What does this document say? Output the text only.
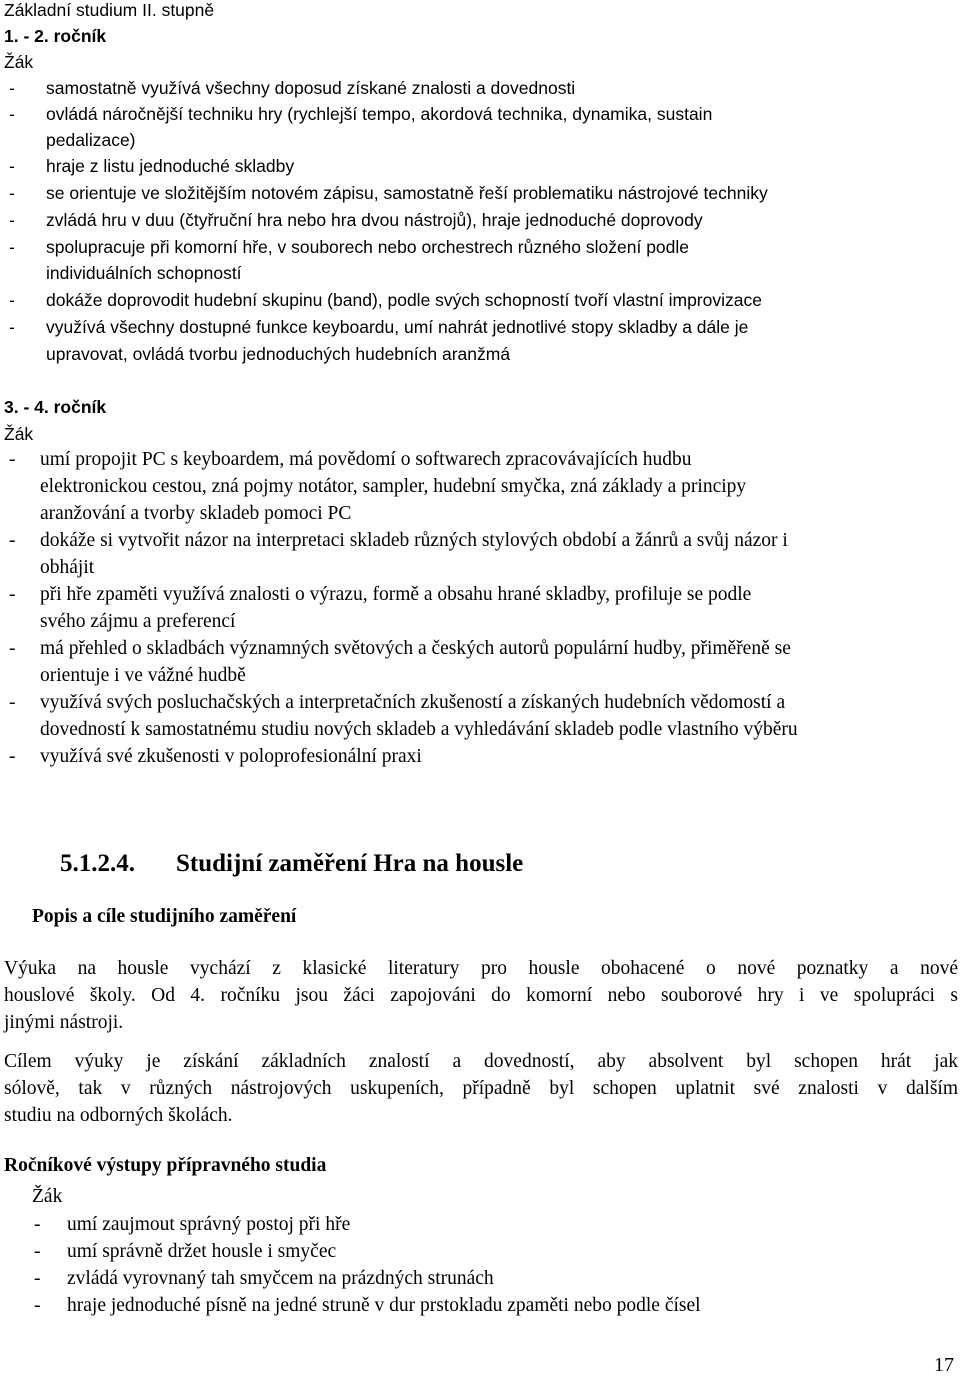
Základní studium II. stupně
1. - 2. ročník
Žák
- samostatně využívá všechny doposud získané znalosti a dovednosti
- ovládá náročnější techniku hry (rychlejší tempo, akordová technika, dynamika, sustain
pedalizace)
- hraje z listu jednoduché skladby
- se orientuje ve složitějším notovém zápisu, samostatně řeší problematiku nástrojové techniky
- zvládá hru v duu (čtyřruční hra nebo hra dvou nástrojů), hraje jednoduché doprovody
- spolupracuje při komorní hře, v souborech nebo orchestrech různého složení podle
individuálních schopností
- dokáže doprovodit hudební skupinu (band), podle svých schopností tvoří vlastní improvizace
- využívá všechny dostupné funkce keyboardu, umí nahrát jednotlivé stopy skladby a dále je
upravovat, ovládá tvorbu jednoduchých hudebních aranžmá
3. - 4. ročník
Žák
- umí propojit PC s keyboardem, má povědomí o softwarech zpracovávajících hudbu
elektronickou cestou, zná pojmy notátor, sampler, hudební smyčka, zná základy a principy
aranžování a tvorby skladeb pomoci PC
- dokáže si vytvořit názor na interpretaci skladeb různých stylových období a žánrů a svůj názor i
obhájit
- při hře zpaměti využívá znalosti o výrazu, formě a obsahu hrané skladby, profiluje se podle
svého zájmu a preferencí
- má přehled o skladbách významných světových a českých autorů populární hudby, přiměřeně se
orientuje i ve vážné hudbě
- využívá svých posluchačských a interpretačních zkušeností a získaných hudebních vědomostí a
dovedností k samostatnému studiu nových skladeb a vyhledávání skladeb podle vlastního výběru
- využívá své zkušenosti v poloprofesionální praxi
5.1.2.4. Studijní zaměření Hra na housle
Popis a cíle studijního zaměření
Výuka na housle vychází z klasické literatury pro housle obohacené o nové poznatky a nové
houslové školy. Od 4. ročníku jsou žáci zapojováni do komorní nebo souborové hry i ve spolupráci s
jinými nástroji.
Cílem výuky je získání základních znalostí a dovedností, aby absolvent byl schopen hrát jak
sólově, tak v různých nástrojových uskupeních, případně byl schopen uplatnit své znalosti v dalším
studiu na odborných školách.
Ročníkové výstupy přípravného studia
Žák
- umí zaujmout správný postoj při hře
- umí správně držet housle i smyčec
- zvládá vyrovnaný tah smyčcem na prázdných strunách
- hraje jednoduché písně na jedné struně v dur prstokladu zpaměti nebo podle čísel
17
